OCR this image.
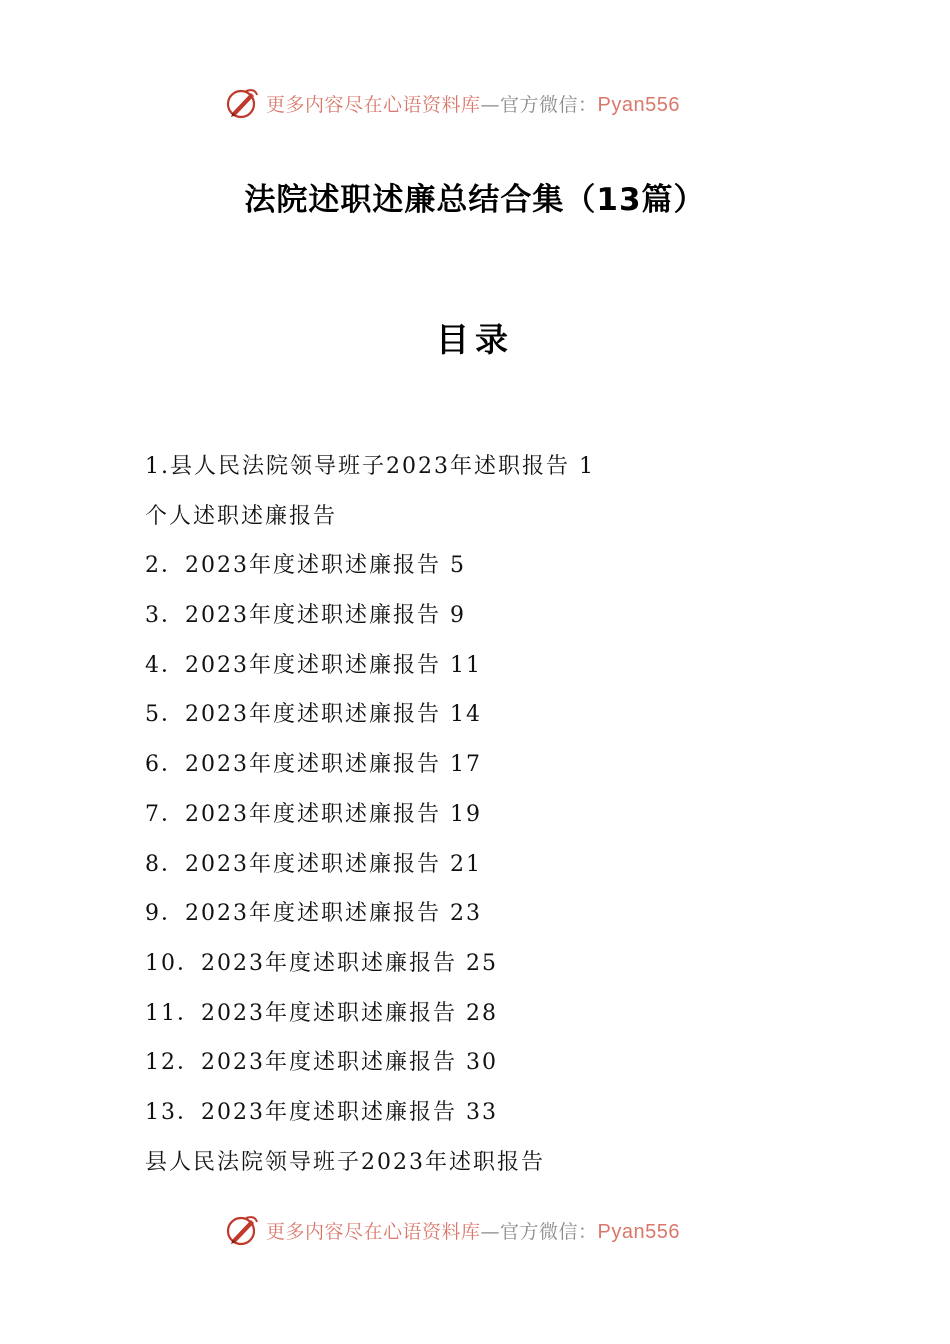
更多内容尽在心语资料库—官方微信：Pyan556
法院述职述廉总结合集（13篇）
目录
1.县人民法院领导班子2023年述职报告 1
个人述职述廉报告
2．2023年度述职述廉报告 5
3．2023年度述职述廉报告 9
4．2023年度述职述廉报告 11
5．2023年度述职述廉报告 14
6．2023年度述职述廉报告 17
7．2023年度述职述廉报告 19
8．2023年度述职述廉报告 21
9．2023年度述职述廉报告 23
10．2023年度述职述廉报告 25
11．2023年度述职述廉报告 28
12．2023年度述职述廉报告 30
13．2023年度述职述廉报告 33
县人民法院领导班子2023年述职报告
更多内容尽在心语资料库—官方微信：Pyan556
